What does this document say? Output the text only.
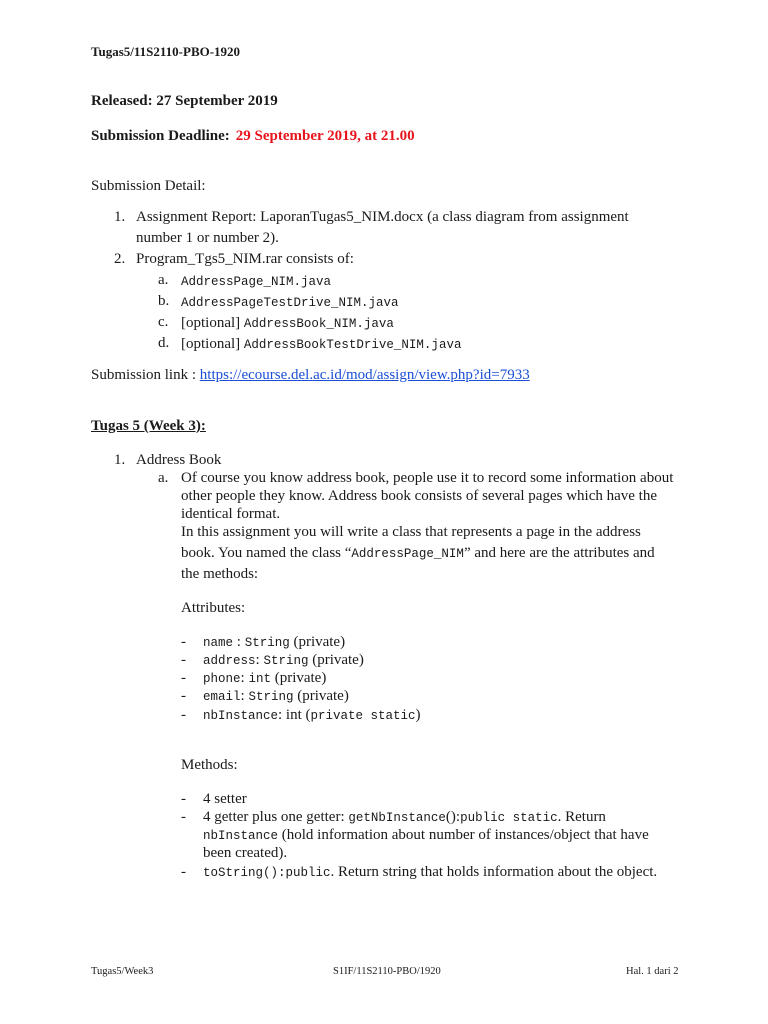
Tugas5/11S2110-PBO-1920
Released: 27 September 2019
Submission Deadline: 29 September 2019, at 21.00
Submission Detail:
1. Assignment Report: LaporanTugas5_NIM.docx (a class diagram from assignment
number 1 or number 2).
2. Program_Tgs5_NIM.rar consists of:
a. AddressPage_NIM.java
b. AddressPageTestDrive_NIM.java
c. [optional] AddressBook_NIM.java
d. [optional] AddressBookTestDrive_NIM.java
Submission link : https://ecourse.del.ac.id/mod/assign/view.php?id=7933
Tugas 5 (Week 3):
1. Address Book
a. Of course you know address book, people use it to record some information about
other people they know. Address book consists of several pages which have the
identical format.
In this assignment you will write a class that represents a page in the address
book. You named the class “AddressPage_NIM” and here are the attributes and
the methods:
Attributes:
- name : String (private)
- address: String (private)
- phone: int (private)
- email: String (private)
- nbInstance: int (private static)
Methods:
- 4 setter
- 4 getter plus one getter: getNbInstance():public static. Return
nbInstance (hold information about number of instances/object that have
been created).
- toString():public. Return string that holds information about the object.
Tugas5/Week3	S1IF/11S2110-PBO/1920	Hal. 1 dari 2
